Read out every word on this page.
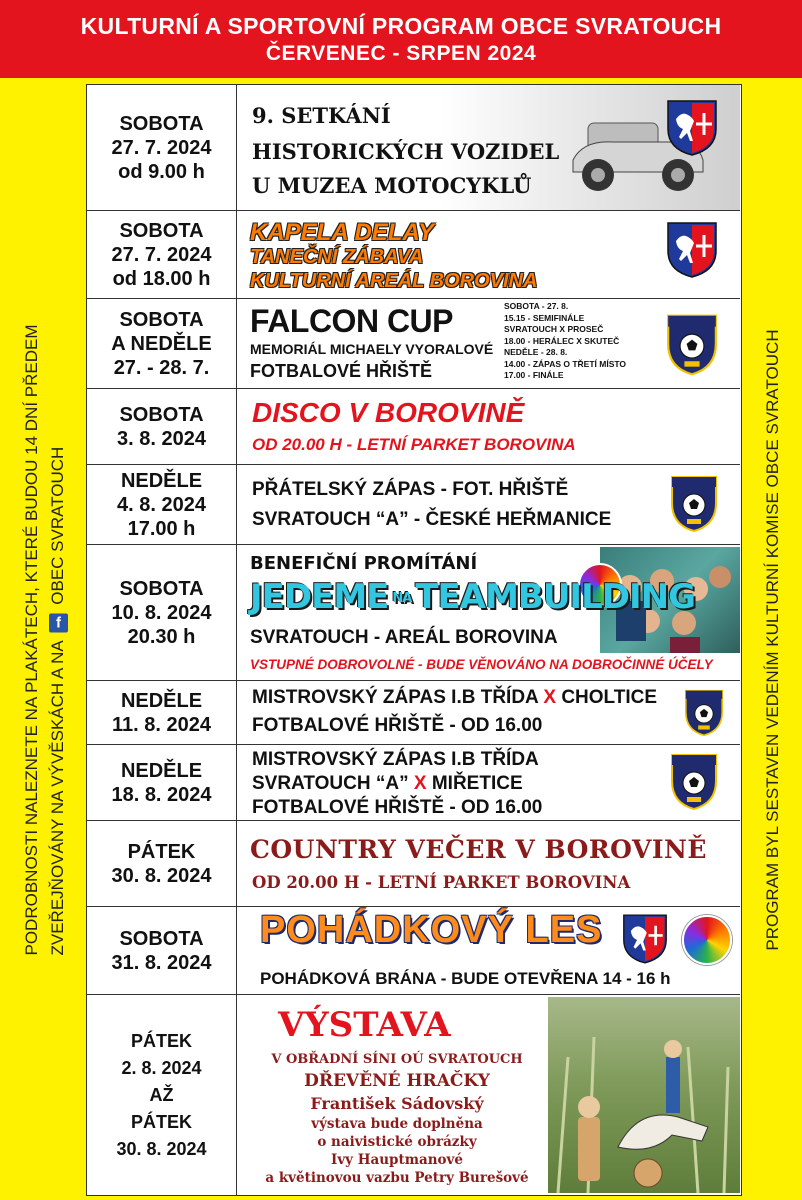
KULTURNÍ A SPORTOVNÍ PROGRAM OBCE SVRATOUCH
ČERVENEC - SRPEN 2024
PODROBNOSTI NALEZNETE NA PLAKÁTECH, KTERÉ BUDOU 14 DNÍ PŘEDEM ZVEŘEJŇOVÁNY NA VÝVĚSKÁCH A NA f OBEC SVRATOUCH	PROGRAM BYL SESTAVEN VEDENÍM KULTURNÍ KOMISE OBCE SVRATOUCH
SOBOTA
27. 7. 2024
od 9.00 h
9. SETKÁNÍ
HISTORICKÝCH VOZIDEL
U MUZEA MOTOCYKLŮ
SOBOTA
27. 7. 2024
od 18.00 h
KAPELA DELAY
TANEČNÍ ZÁBAVA
KULTURNÍ AREÁL BOROVINA
SOBOTA
A NEDĚLE
27. - 28. 7.
FALCON CUP
MEMORIÁL MICHAELY VYORALOVÉ
FOTBALOVÉ HŘIŠTĚ
SOBOTA - 27. 8.
15.15 - SEMIFINÁLE
SVRATOUCH X PROSEČ
18.00 - HERÁLEC X SKUTEČ
NEDĚLE - 28. 8.
14.00 - ZÁPAS O TŘETÍ MÍSTO
17.00 - FINÁLE
SOBOTA
3. 8. 2024
DISCO V BOROVINĚ
OD 20.00 H - LETNÍ PARKET BOROVINA
NEDĚLE
4. 8. 2024
17.00 h
PŘÁTELSKÝ ZÁPAS - FOT. HŘIŠTĚ
SVRATOUCH “A” - ČESKÉ HEŘMANICE
SOBOTA
10. 8. 2024
20.30 h
BENEFIČNÍ PROMÍTÁNÍ
JEDEME NA TEAMBUILDING
SVRATOUCH - AREÁL BOROVINA
VSTUPNÉ DOBROVOLNÉ - BUDE VĚNOVÁNO NA DOBROČINNÉ ÚČELY
NEDĚLE
11. 8. 2024
MISTROVSKÝ ZÁPAS I.B TŘÍDA X CHOLTICE
FOTBALOVÉ HŘIŠTĚ - OD 16.00
NEDĚLE
18. 8. 2024
MISTROVSKÝ ZÁPAS I.B TŘÍDA
SVRATOUCH “A” X MIŘETICE
FOTBALOVÉ HŘIŠTĚ - OD 16.00
PÁTEK
30. 8. 2024
COUNTRY VEČER V BOROVINĚ
OD 20.00 H - LETNÍ PARKET BOROVINA
SOBOTA
31. 8. 2024
POHÁDKOVÝ LES
POHÁDKOVÁ BRÁNA - BUDE OTEVŘENA 14 - 16 h
PÁTEK
2. 8. 2024
AŽ
PÁTEK
30. 8. 2024
VÝSTAVA
V OBŘADNÍ SÍNI OÚ SVRATOUCH
DŘEVĚNÉ HRAČKY
František Sádovský
výstava bude doplněna
o naivistické obrázky
Ivy Hauptmanové
a květinovou vazbu Petry Burešové
